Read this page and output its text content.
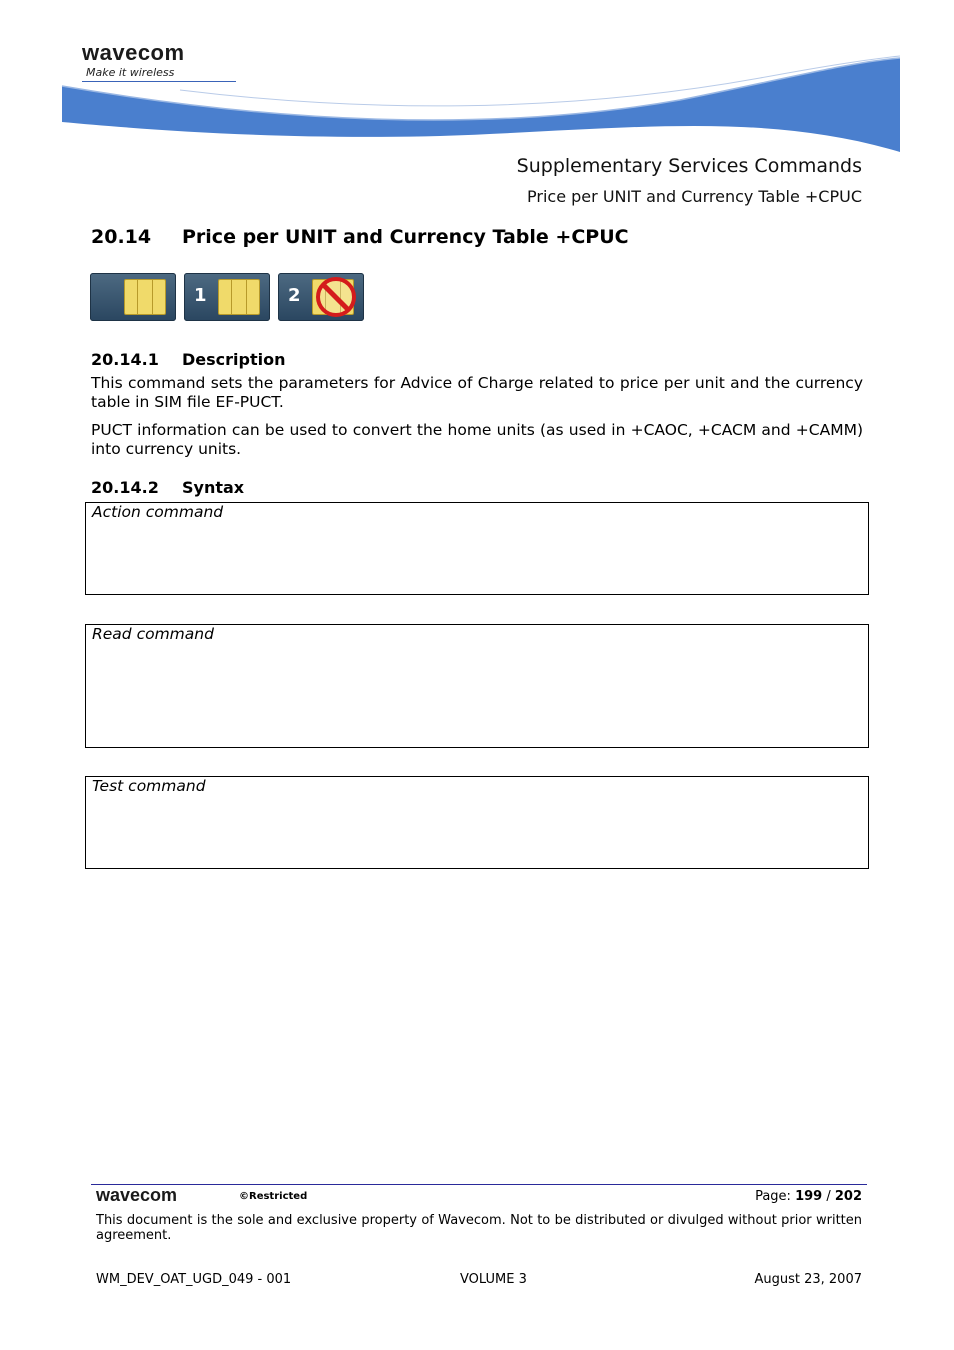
wavecom
Make it wireless
Supplementary Services Commands
Price per UNIT and Currency Table +CPUC
20.14 Price per UNIT and Currency Table +CPUC
1	2
20.14.1 Description
This command sets the parameters for Advice of Charge related to price per unit and the currency table in SIM file EF-PUCT.
PUCT information can be used to convert the home units (as used in +CAOC, +CACM and +CAMM) into currency units.
20.14.2 Syntax
Action command
Read command
Test command
wavecom	©Restricted	Page: 199 / 202
This document is the sole and exclusive property of Wavecom. Not to be distributed or divulged without prior written agreement.
WM_DEV_OAT_UGD_049 - 001	VOLUME 3	August 23, 2007
